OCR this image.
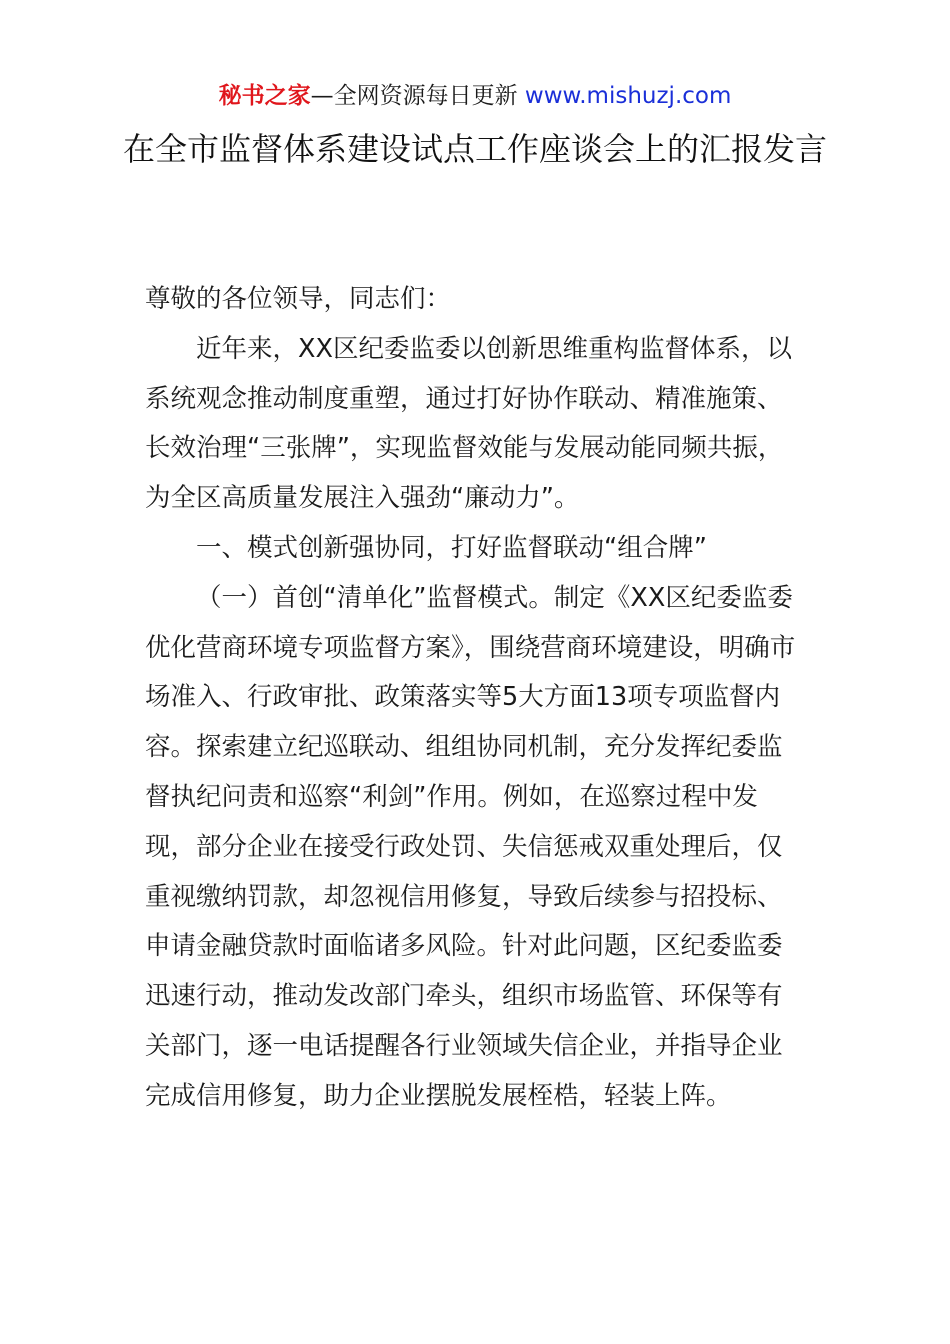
秘书之家—全网资源每日更新 www.mishuzj.com
在全市监督体系建设试点工作座谈会上的汇报发言

尊敬的各位领导，同志们：

近年来，XX区纪委监委以创新思维重构监督体系，以系统观念推动制度重塑，通过打好协作联动、精准施策、长效治理“三张牌”，实现监督效能与发展动能同频共振，为全区高质量发展注入强劲“廉动力”。

一、模式创新强协同，打好监督联动“组合牌”

（一）首创“清单化”监督模式。制定《XX区纪委监委优化营商环境专项监督方案》，围绕营商环境建设，明确市场准入、行政审批、政策落实等5大方面13项专项监督内容。探索建立纪巡联动、组组协同机制，充分发挥纪委监督执纪问责和巡察“利剑”作用。例如，在巡察过程中发现，部分企业在接受行政处罚、失信惩戒双重处理后，仅重视缴纳罚款，却忽视信用修复，导致后续参与招投标、申请金融贷款时面临诸多风险。针对此问题，区纪委监委迅速行动，推动发改部门牵头，组织市场监管、环保等有关部门，逐一电话提醒各行业领域失信企业，并指导企业完成信用修复，助力企业摆脱发展桎梏，轻装上阵。
